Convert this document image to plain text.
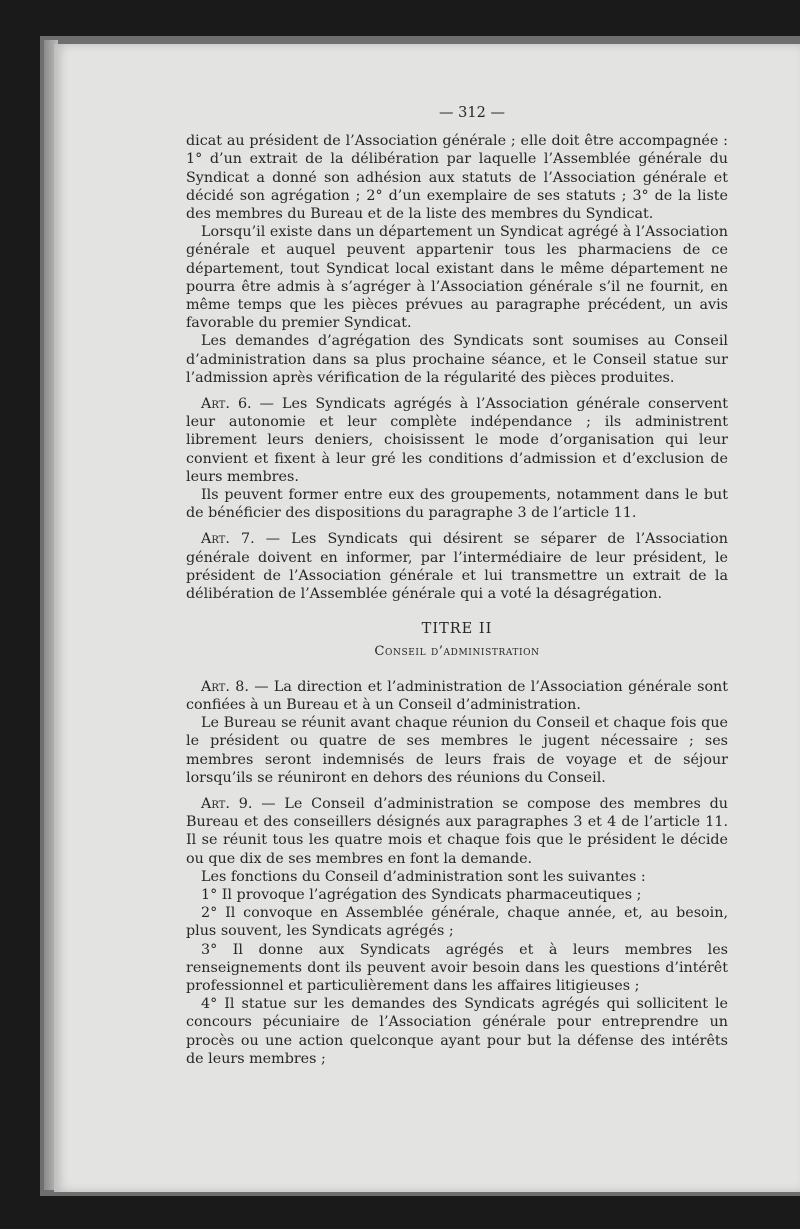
— 312 —

dicat au président de l’Association générale ; elle doit être accompagnée : 1° d’un extrait de la délibération par laquelle l’Assemblée générale du Syndicat a donné son adhésion aux statuts de l’Association générale et décidé son agrégation ; 2° d’un exemplaire de ses statuts ; 3° de la liste des membres du Bureau et de la liste des membres du Syndicat.

Lorsqu’il existe dans un département un Syndicat agrégé à l’Association générale et auquel peuvent appartenir tous les pharmaciens de ce département, tout Syndicat local existant dans le même département ne pourra être admis à s’agréger à l’Association générale s’il ne fournit, en même temps que les pièces prévues au paragraphe précédent, un avis favorable du premier Syndicat.

Les demandes d’agrégation des Syndicats sont soumises au Conseil d’administration dans sa plus prochaine séance, et le Conseil statue sur l’admission après vérification de la régularité des pièces produites.

Art. 6. — Les Syndicats agrégés à l’Association générale conservent leur autonomie et leur complète indépendance ; ils administrent librement leurs deniers, choisissent le mode d’organisation qui leur convient et fixent à leur gré les conditions d’admission et d’exclusion de leurs membres.

Ils peuvent former entre eux des groupements, notamment dans le but de bénéficier des dispositions du paragraphe 3 de l’article 11.

Art. 7. — Les Syndicats qui désirent se séparer de l’Association générale doivent en informer, par l’intermédiaire de leur président, le président de l’Association générale et lui transmettre un extrait de la délibération de l’Assemblée générale qui a voté la désagrégation.

TITRE II
Conseil d’administration

Art. 8. — La direction et l’administration de l’Association générale sont confiées à un Bureau et à un Conseil d’administration.

Le Bureau se réunit avant chaque réunion du Conseil et chaque fois que le président ou quatre de ses membres le jugent nécessaire ; ses membres seront indemnisés de leurs frais de voyage et de séjour lorsqu’ils se réuniront en dehors des réunions du Conseil.

Art. 9. — Le Conseil d’administration se compose des membres du Bureau et des conseillers désignés aux paragraphes 3 et 4 de l’article 11. Il se réunit tous les quatre mois et chaque fois que le président le décide ou que dix de ses membres en font la demande.

Les fonctions du Conseil d’administration sont les suivantes :

1° Il provoque l’agrégation des Syndicats pharmaceutiques ;

2° Il convoque en Assemblée générale, chaque année, et, au besoin, plus souvent, les Syndicats agrégés ;

3° Il donne aux Syndicats agrégés et à leurs membres les renseignements dont ils peuvent avoir besoin dans les questions d’intérêt professionnel et particulièrement dans les affaires litigieuses ;

4° Il statue sur les demandes des Syndicats agrégés qui sollicitent le concours pécuniaire de l’Association générale pour entreprendre un procès ou une action quelconque ayant pour but la défense des intérêts de leurs membres ;
